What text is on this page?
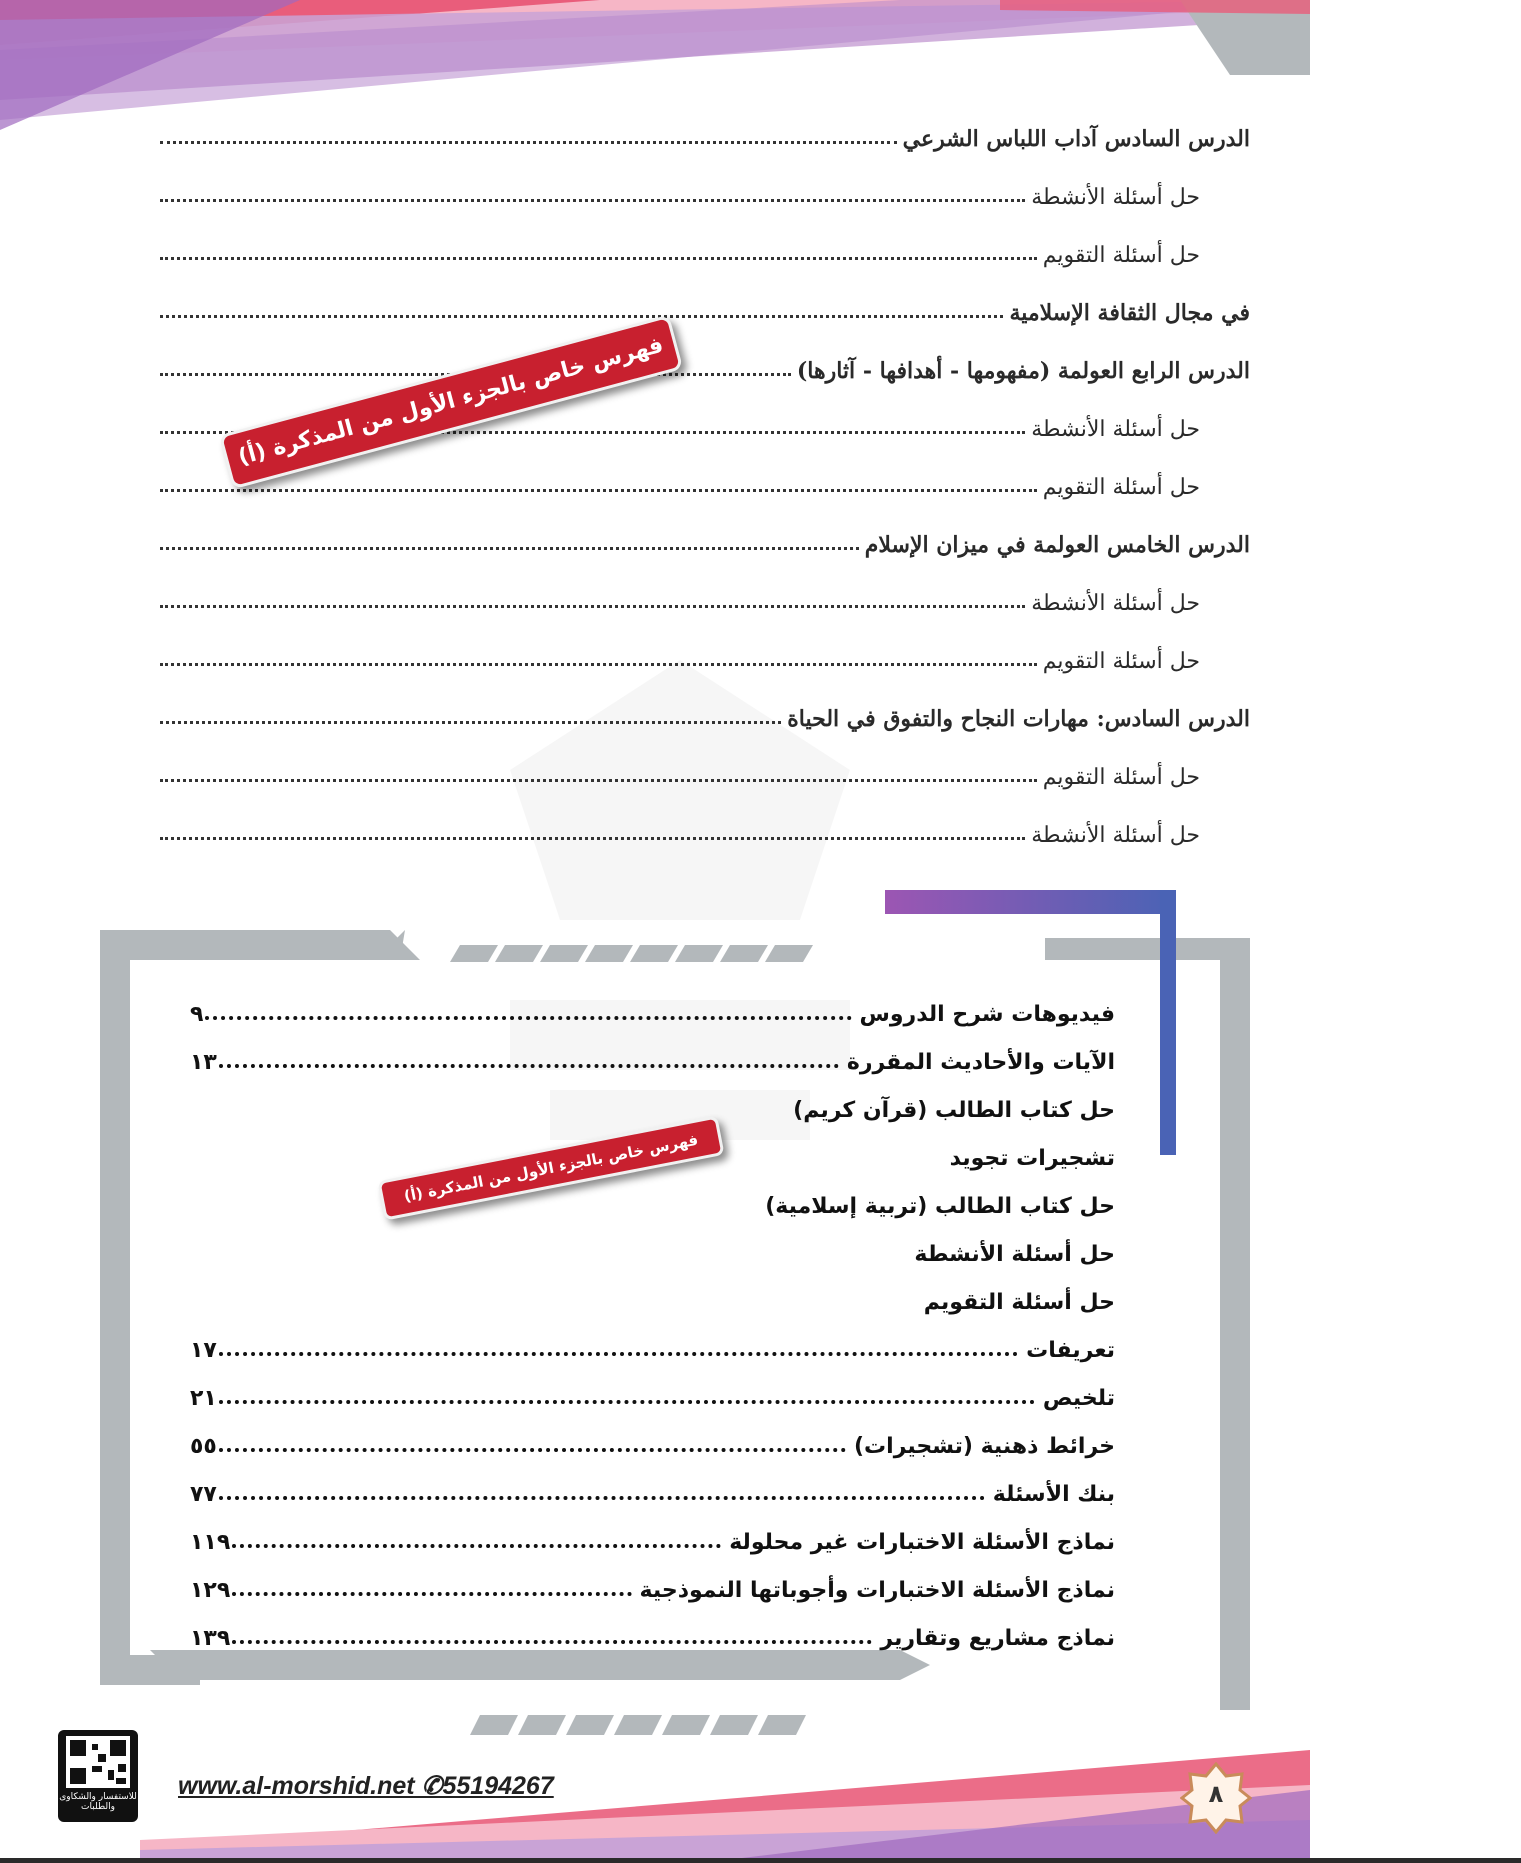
الدرس السادس آداب اللباس الشرعي
حل أسئلة الأنشطة
حل أسئلة التقويم
في مجال الثقافة الإسلامية
الدرس الرابع العولمة (مفهومها - أهدافها - آثارها)
حل أسئلة الأنشطة
حل أسئلة التقويم
الدرس الخامس العولمة في ميزان الإسلام
حل أسئلة الأنشطة
حل أسئلة التقويم
الدرس السادس: مهارات النجاح والتفوق في الحياة
حل أسئلة التقويم
حل أسئلة الأنشطة
فهرس خاص بالجزء الأول من المذكرة (أ)
فيديوهات شرح الدروس
٩
الآيات والأحاديث المقررة
١٣
حل كتاب الطالب (قرآن كريم)
تشجيرات تجويد
حل كتاب الطالب (تربية إسلامية)
حل أسئلة الأنشطة
حل أسئلة التقويم
تعريفات
١٧
تلخيص
٢١
خرائط ذهنية (تشجيرات)
٥٥
بنك الأسئلة
٧٧
نماذج الأسئلة الاختبارات غير محلولة
١١٩
نماذج الأسئلة الاختبارات وأجوباتها النموذجية
١٢٩
نماذج مشاريع وتقارير
١٣٩
فهرس خاص بالجزء الأول من المذكرة (أ)
www.al-morshid.net ✆55194267	٨
للاستفسار والشكاوى والطلبات
